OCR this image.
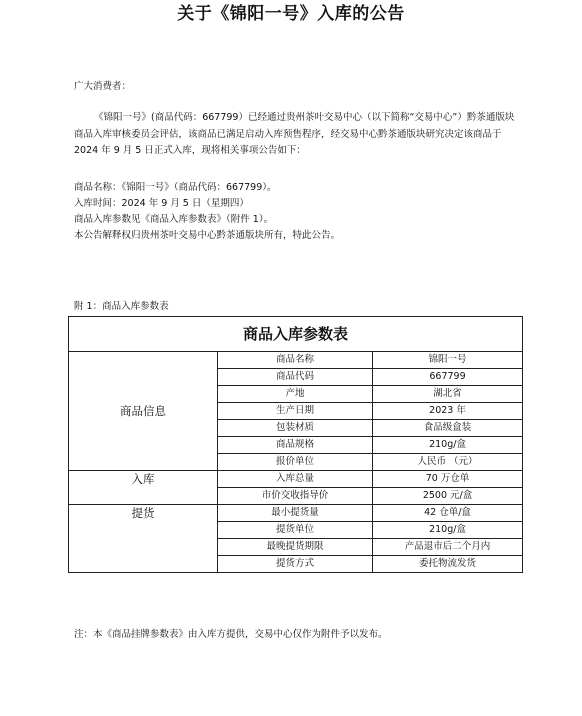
关于《锦阳一号》入库的公告
广大消费者：
《锦阳一号》(商品代码：667799）已经通过贵州茶叶交易中心（以下简称“交易中心”）黔茶通版块商品入库审核委员会评估，该商品已满足启动入库预售程序，经交易中心黔茶通版块研究决定该商品于 2024 年 9 月 5 日正式入库，现将相关事项公告如下：
商品名称：《锦阳一号》（商品代码：667799）。
入库时间：2024 年 9 月 5 日（星期四）
商品入库参数见《商品入库参数表》（附件 1）。
本公告解释权归贵州茶叶交易中心黔茶通版块所有，特此公告。
附 1：商品入库参数表
商品入库参数表		
商品信息	商品名称	锦阳一号
	商品代码	667799
	产地	湖北省
	生产日期	2023 年
	包装材质	食品级盒装
	商品规格	210g/盒
	报价单位	人民币 （元）
入库	入库总量	70 万仓单
	市价交收指导价	2500 元/盒
提货	最小提货量	42 仓单/盒
	提货单位	210g/盒
	最晚提货期限	产品退市后二个月内
	提货方式	委托物流发货
注：本《商品挂牌参数表》由入库方提供，交易中心仅作为附件予以发布。
